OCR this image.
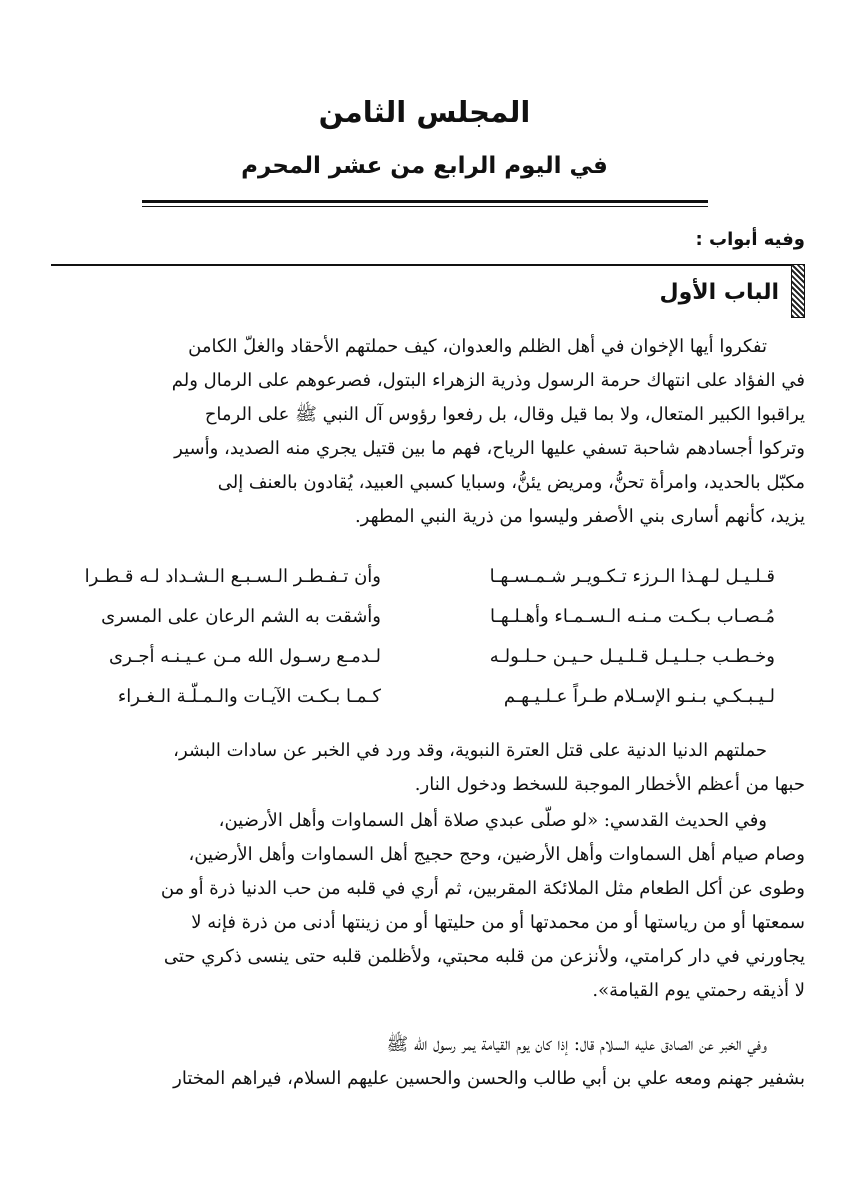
المجلس الثامن
في اليوم الرابع من عشر المحرم
وفيه أبواب :
الباب الأول
تفكروا أيها الإخوان في أهل الظلم والعدوان، كيف حملتهم الأحقاد والغلّ الكامن
في الفؤاد على انتهاك حرمة الرسول وذرية الزهراء البتول، فصرعوهم على الرمال ولم
يراقبوا الكبير المتعال، ولا بما قيل وقال، بل رفعوا رؤوس آل النبي ﷺ على الرماح
وتركوا أجسادهم شاحبة تسفي عليها الرياح، فهم ما بين قتيل يجري منه الصديد، وأسير
مكبّل بالحديد، وامرأة تحنُّ، ومريض يئنُّ، وسبايا كسبي العبيد، يُقادون بالعنف إلى
يزيد، كأنهم أسارى بني الأصفر وليسوا من ذرية النبي المطهر.
قـلـيـل لـهـذا الـرزء تـكـويـر شـمـسـهـا
وأن تـفـطـر الـسـبـع الـشـداد لـه قـطـرا
مُـصـاب بـكـت مـنـه الـسـمـاء وأهـلـهـا
وأشقت به الشم الرعان على المسرى
وخـطـب جـلـيـل قـلـيـل حـيـن حـلـولـه
لـدمـع رسـول الله مـن عـيـنـه أجـرى
لـيـبـكـي بـنـو الإسـلام طـراً عـلـيـهـم
كـمـا بـكـت الآيـات والـمـلّـة الـغـراء
حملتهم الدنيا الدنية على قتل العترة النبوية، وقد ورد في الخبر عن سادات البشر،
حبها من أعظم الأخطار الموجبة للسخط ودخول النار.
وفي الحديث القدسي: «لو صلّى عبدي صلاة أهل السماوات وأهل الأرضين،
وصام صيام أهل السماوات وأهل الأرضين، وحج حجيج أهل السماوات وأهل الأرضين،
وطوى عن أكل الطعام مثل الملائكة المقربين، ثم أري في قلبه من حب الدنيا ذرة أو من
سمعتها أو من رياستها أو من محمدتها أو من حليتها أو من زينتها أدنى من ذرة فإنه لا
يجاورني في دار كرامتي، ولأنزعن من قلبه محبتي، ولأظلمن قلبه حتى ينسى ذكري حتى
لا أذيقه رحمتي يوم القيامة».
وفي الخبر عن الصادق عليه السلام قال: إذا كان يوم القيامة يمر رسول الله ﷺ
بشفير جهنم ومعه علي بن أبي طالب والحسن والحسين عليهم السلام، فيراهم المختار
